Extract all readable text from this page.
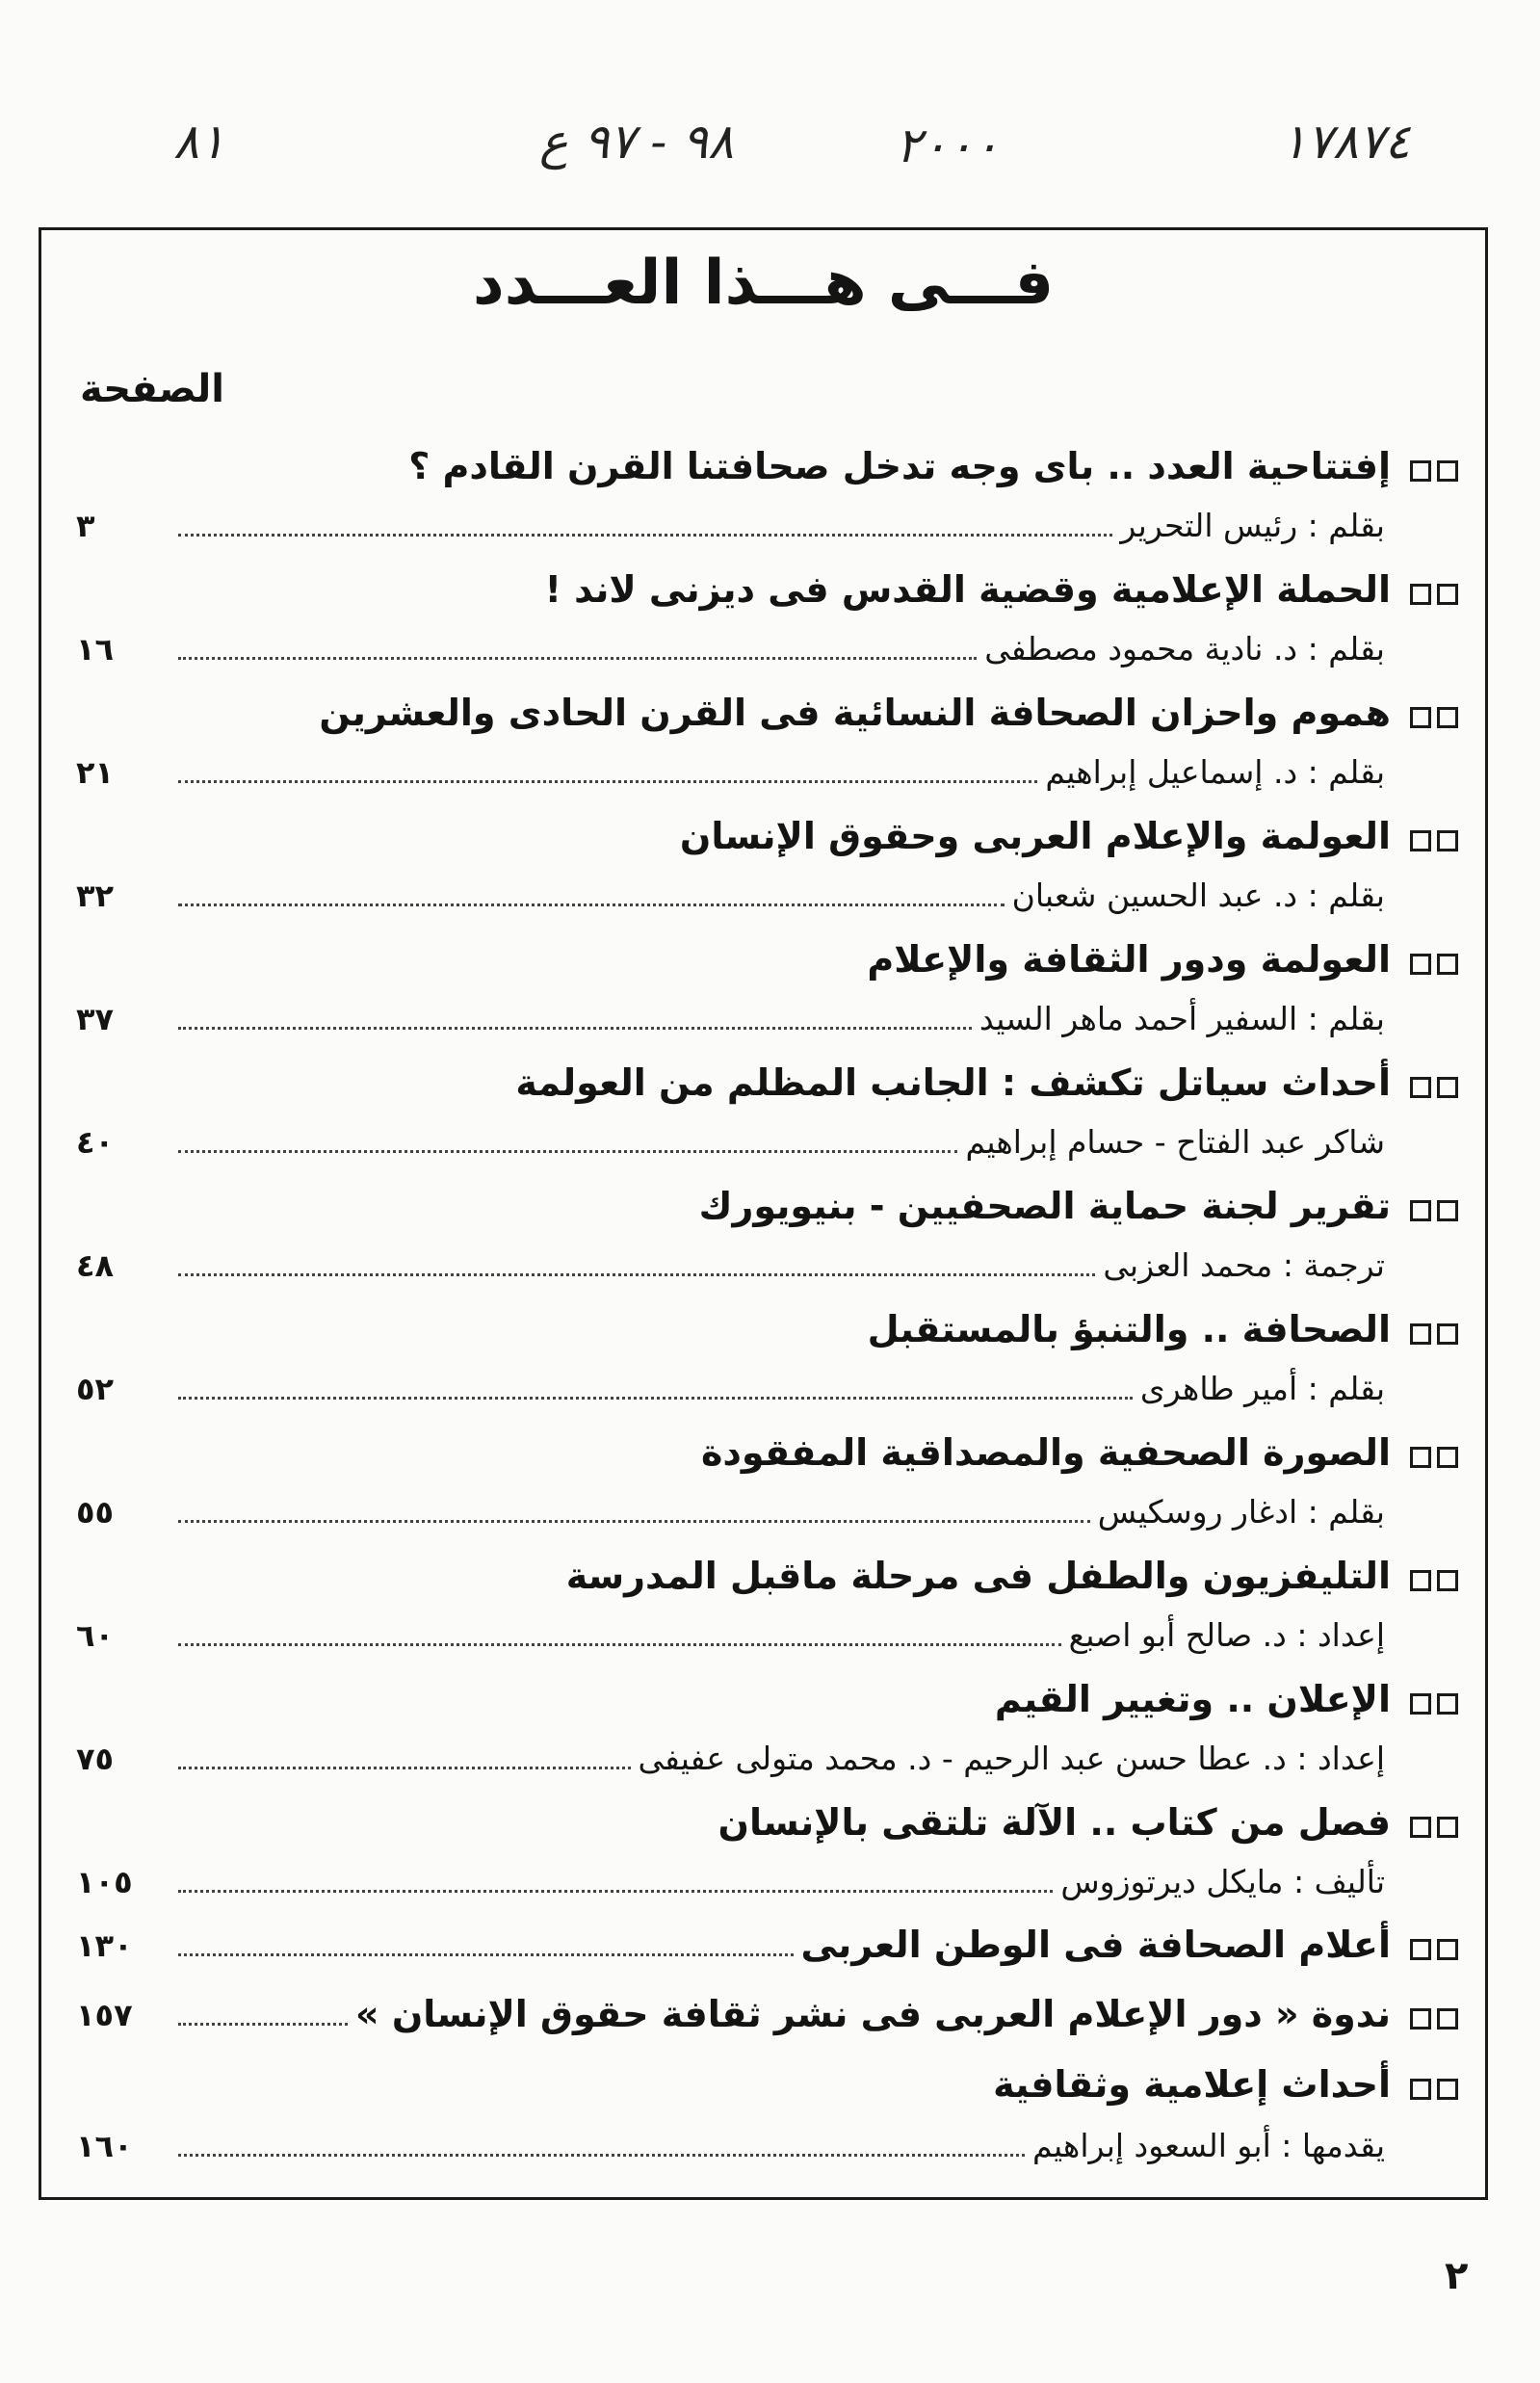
٨١	٩٨ - ٩٧ ع	٢٠٠٠	١٧٨٧٤
فـــى هـــذا العـــدد
الصفحة
إفتتاحية العدد .. باى وجه تدخل صحافتنا القرن القادم ؟
٣	بقلم : رئيس التحرير
الحملة الإعلامية وقضية القدس فى ديزنى لاند !
١٦	بقلم : د. نادية محمود مصطفى
هموم واحزان الصحافة النسائية فى القرن الحادى والعشرين
٢١	بقلم : د. إسماعيل إبراهيم
العولمة والإعلام العربى وحقوق الإنسان
٣٢	بقلم : د. عبد الحسين شعبان
العولمة ودور الثقافة والإعلام
٣٧	بقلم : السفير أحمد ماهر السيد
أحداث سياتل تكشف : الجانب المظلم من العولمة
٤٠	شاكر عبد الفتاح - حسام إبراهيم
تقرير لجنة حماية الصحفيين - بنيويورك
٤٨	ترجمة : محمد العزبى
الصحافة .. والتنبؤ بالمستقبل
٥٢	بقلم : أمير طاهرى
الصورة الصحفية والمصداقية المفقودة
٥٥	بقلم : ادغار روسكيس
التليفزيون والطفل فى مرحلة ماقبل المدرسة
٦٠	إعداد : د. صالح أبو اصبع
الإعلان .. وتغيير القيم
٧٥	إعداد : د. عطا حسن عبد الرحيم - د. محمد متولى عفيفى
فصل من كتاب .. الآلة تلتقى بالإنسان
١٠٥	تأليف : مايكل ديرتوزوس
١٣٠	أعلام الصحافة فى الوطن العربى
١٥٧	ندوة « دور الإعلام العربى فى نشر ثقافة حقوق الإنسان »
أحداث إعلامية وثقافية
١٦٠	يقدمها : أبو السعود إبراهيم
٢
